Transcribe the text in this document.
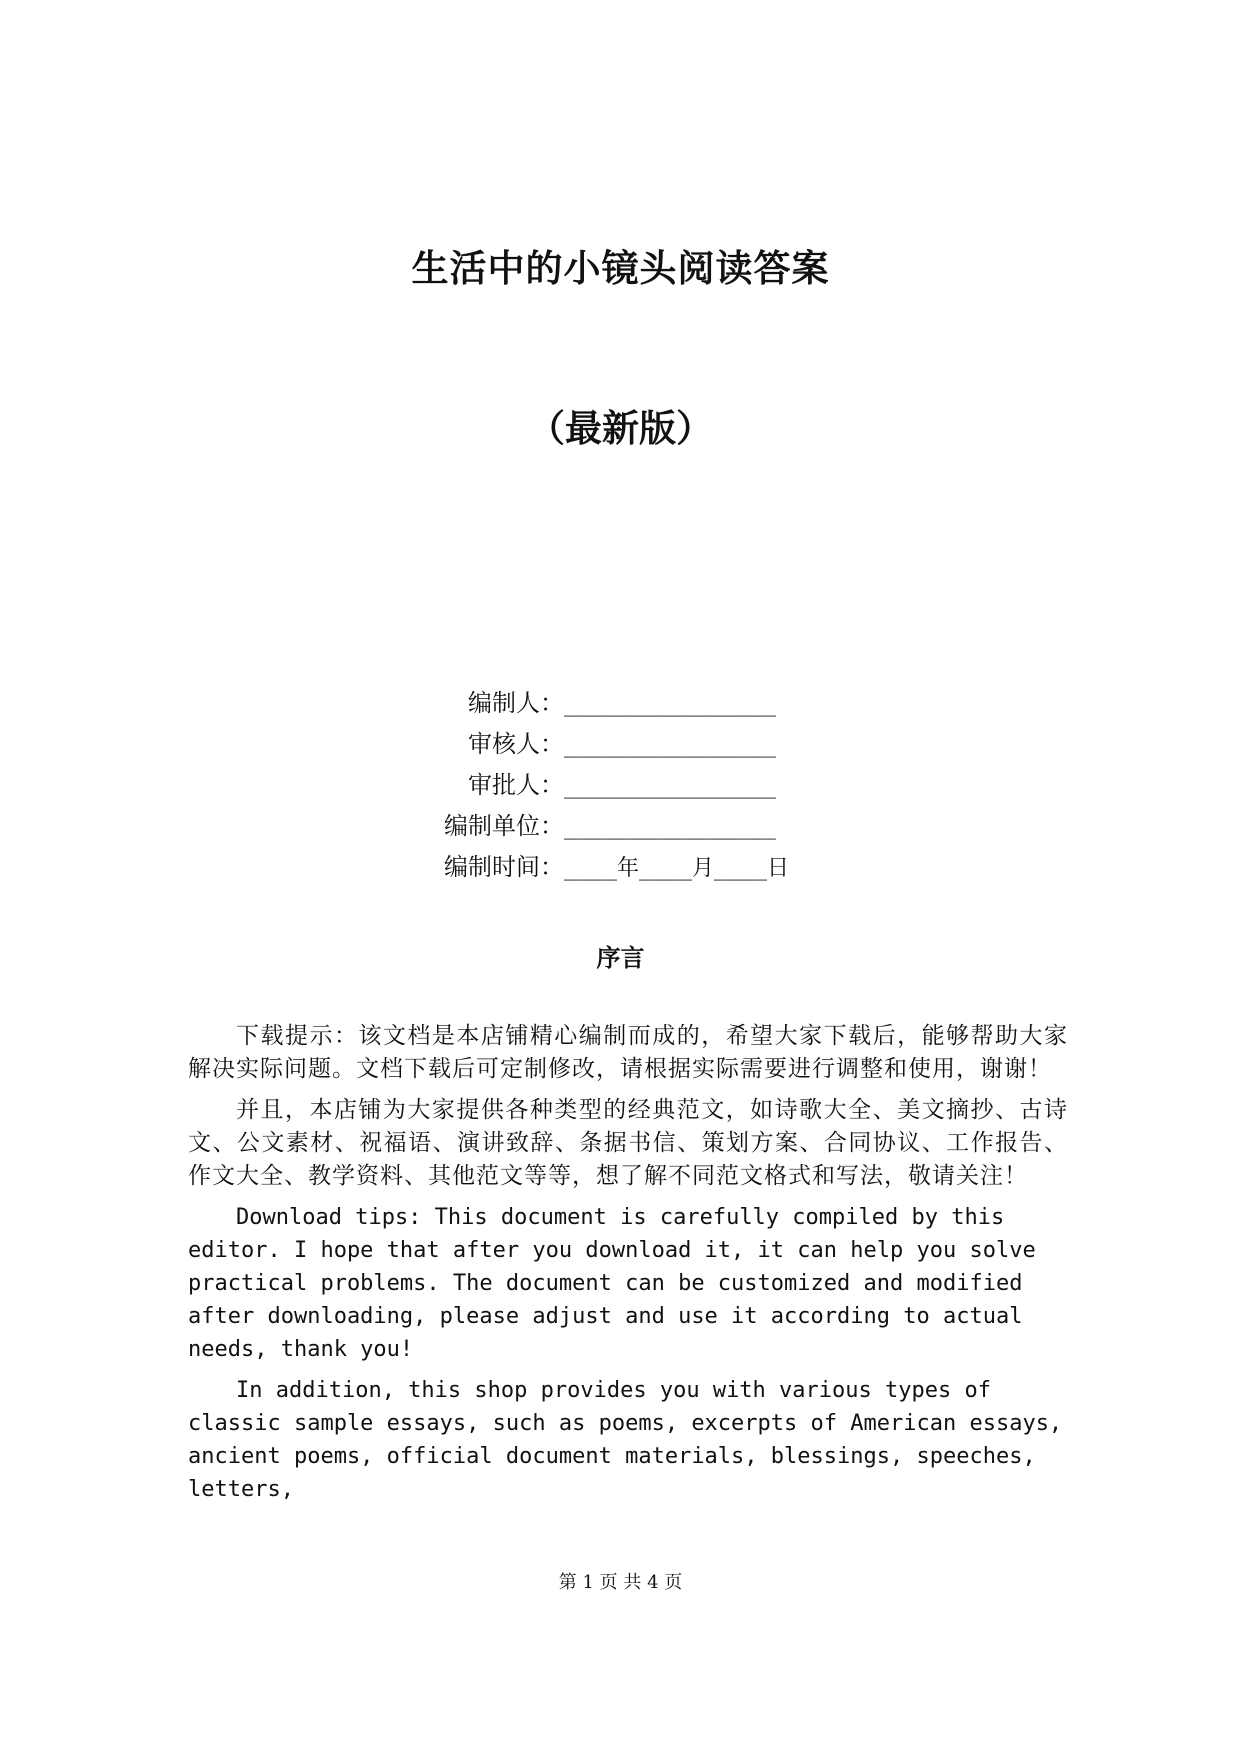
生活中的小镜头阅读答案
（最新版）
编制人：________________
审核人：________________
审批人：________________
编制单位：________________
编制时间：____年____月____日
序言

下载提示：该文档是本店铺精心编制而成的，希望大家下载后，能够帮助大家解决实际问题。文档下载后可定制修改，请根据实际需要进行调整和使用，谢谢！

并且，本店铺为大家提供各种类型的经典范文，如诗歌大全、美文摘抄、古诗文、公文素材、祝福语、演讲致辞、条据书信、策划方案、合同协议、工作报告、作文大全、教学资料、其他范文等等，想了解不同范文格式和写法，敬请关注！

Download tips: This document is carefully compiled by this editor. I hope that after you download it, it can help you solve practical problems. The document can be customized and modified after downloading, please adjust and use it according to actual needs, thank you!

In addition, this shop provides you with various types of classic sample essays, such as poems, excerpts of American essays, ancient poems, official document materials, blessings, speeches, letters,

第 1 页 共 4 页
